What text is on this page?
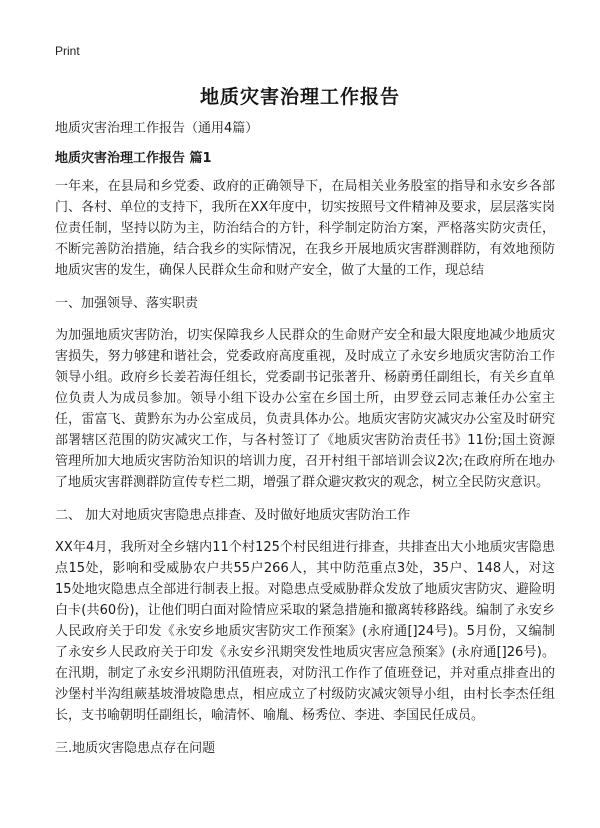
Print
地质灾害治理工作报告

地质灾害治理工作报告（通用4篇）

地质灾害治理工作报告 篇1

一年来，在县局和乡党委、政府的正确领导下，在局相关业务股室的指导和永安乡各部门、各村、单位的支持下，我所在XX年度中，切实按照号文件精神及要求，层层落实岗位责任制，坚持以防为主，防治结合的方针，科学制定防治方案，严格落实防灾责任，不断完善防治措施，结合我乡的实际情况，在我乡开展地质灾害群测群防，有效地预防地质灾害的发生，确保人民群众生命和财产安全，做了大量的工作，现总结

一、加强领导、落实职责

为加强地质灾害防治，切实保障我乡人民群众的生命财产安全和最大限度地减少地质灾害损失，努力够建和谐社会，党委政府高度重视，及时成立了永安乡地质灾害防治工作领导小组。政府乡长姜若海任组长，党委副书记张著升、杨蔚勇任副组长，有关乡直单位负责人为成员参加。领导小组下设办公室在乡国土所，由罗登云同志兼任办公室主任，雷富飞、黄黔东为办公室成员，负责具体办公。地质灾害防灾减灾办公室及时研究部署辖区范围的防灾减灾工作，与各村签订了《地质灾害防治责任书》11份;国土资源管理所加大地质灾害防治知识的培训力度，召开村组干部培训会议2次;在政府所在地办了地质灾害群测群防宣传专栏二期，增强了群众避灾救灾的观念，树立全民防灾意识。

二、 加大对地质灾害隐患点排查、及时做好地质灾害防治工作

XX年4月，我所对全乡辖内11个村125个村民组进行排查，共排查出大小地质灾害隐患点15处，影响和受威胁农户共55户266人，其中防范重点3处，35户、148人，对这15处地灾隐患点全部进行制表上报。对隐患点受威胁群众发放了地质灾害防灾、避险明白卡(共60份)，让他们明白面对险情应采取的紧急措施和撤离转移路线。编制了永安乡人民政府关于印发《永安乡地质灾害防灾工作预案》(永府通[]24号)。5月份，又编制了永安乡人民政府关于印发《永安乡汛期突发性地质灾害应急预案》(永府通[]26号)。在汛期，制定了永安乡汛期防汛值班表，对防汛工作作了值班登记，并对重点排查出的沙堡村半沟组蕨基坡滑坡隐患点，相应成立了村级防灾减灾领导小组，由村长李杰任组长，支书喻朝明任副组长，喻清怀、喻胤、杨秀位、李进、李国民任成员。

三.地质灾害隐患点存在问题
